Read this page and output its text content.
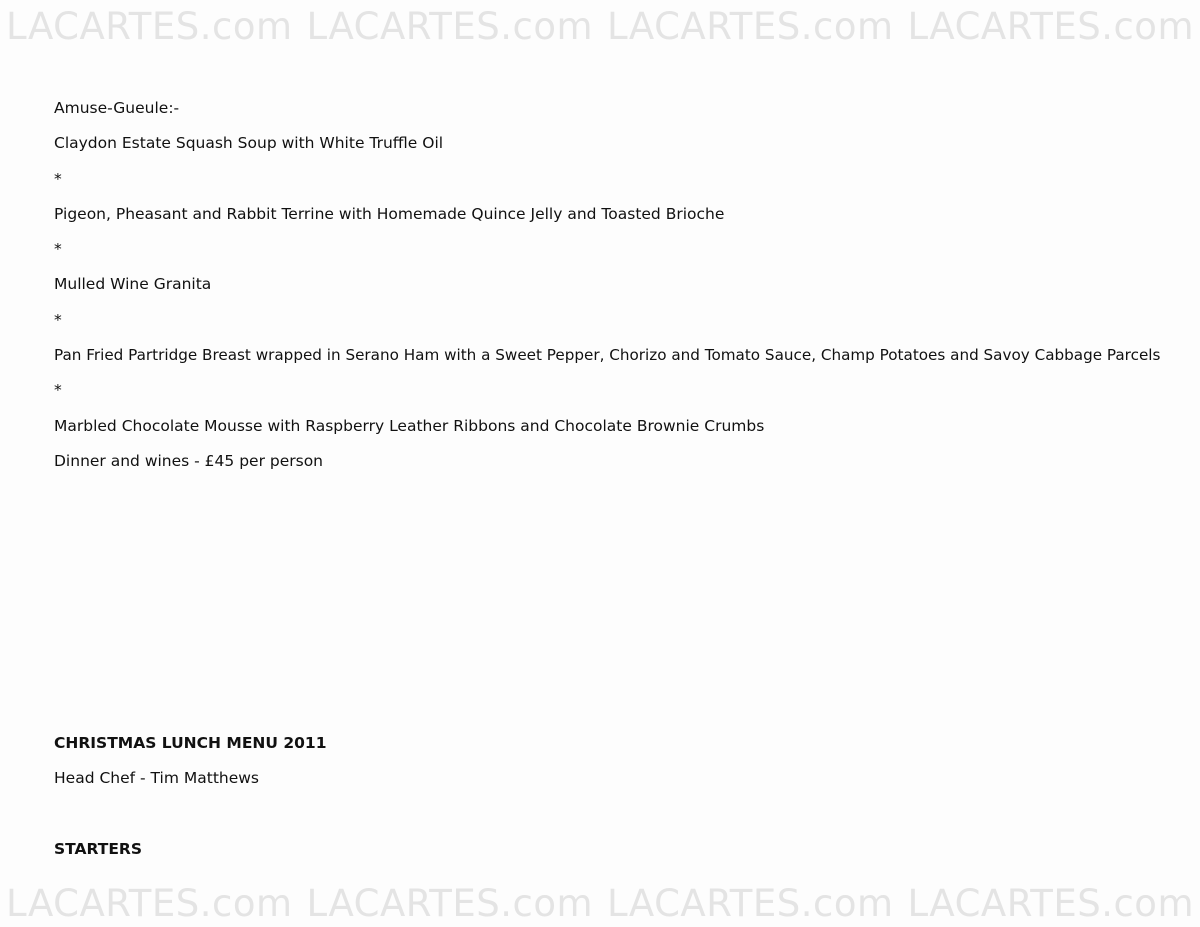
LACARTES.com LACARTES.com LACARTES.com LACARTES.com
Amuse-Gueule:-
Claydon Estate Squash Soup with White Truffle Oil
*
Pigeon, Pheasant and Rabbit Terrine with Homemade Quince Jelly and Toasted Brioche
*
Mulled Wine Granita
*
Pan Fried Partridge Breast wrapped in Serano Ham with a Sweet Pepper, Chorizo and Tomato Sauce, Champ Potatoes and Savoy Cabbage Parcels
*
Marbled Chocolate Mousse with Raspberry Leather Ribbons and Chocolate Brownie Crumbs
Dinner and wines - £45 per person
CHRISTMAS LUNCH MENU 2011
Head Chef - Tim Matthews
STARTERS
LACARTES.com LACARTES.com LACARTES.com LACARTES.com
